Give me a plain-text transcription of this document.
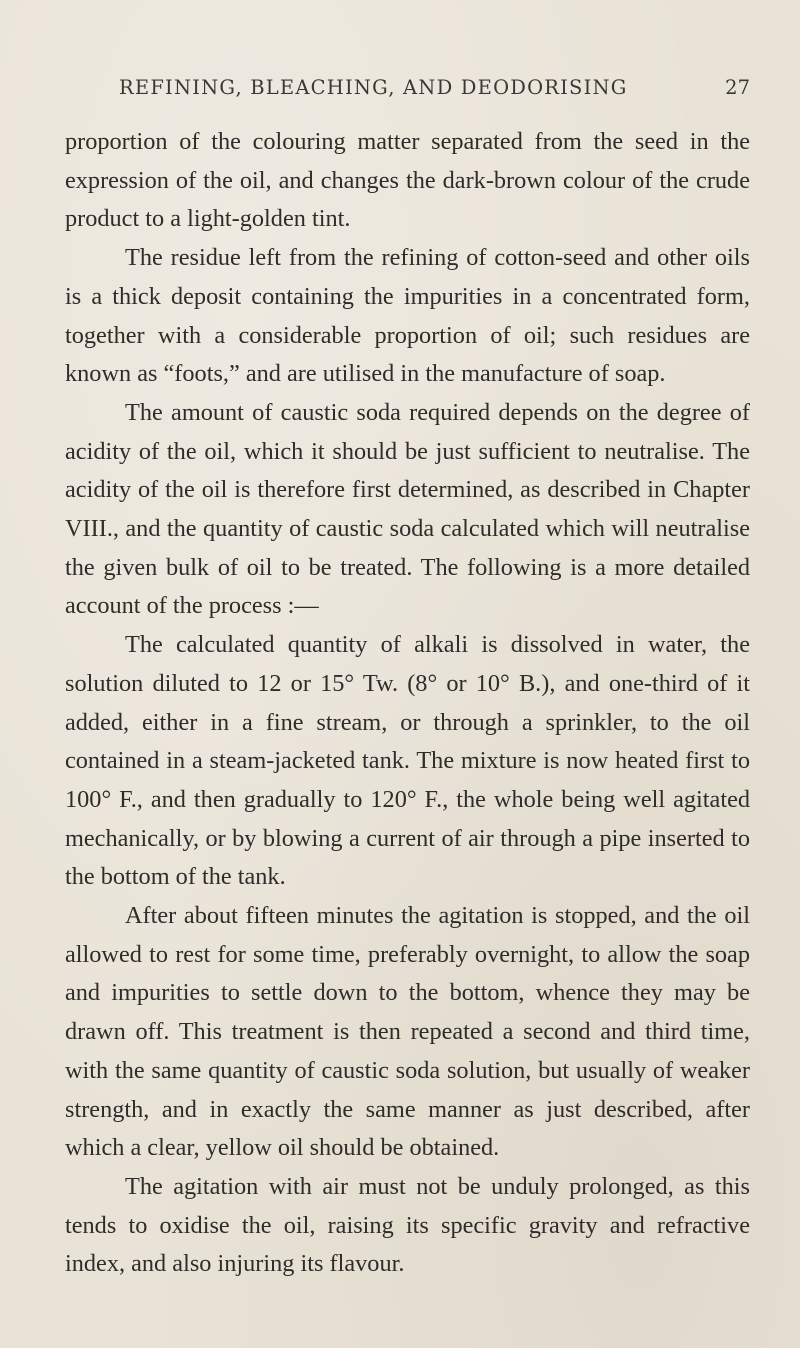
REFINING, BLEACHING, AND DEODORISING	27

proportion of the colouring matter separated from the seed in the expression of the oil, and changes the dark-brown colour of the crude product to a light-golden tint.

The residue left from the refining of cotton-seed and other oils is a thick deposit containing the impurities in a concentrated form, together with a considerable proportion of oil; such residues are known as “foots,” and are utilised in the manufacture of soap.

The amount of caustic soda required depends on the degree of acidity of the oil, which it should be just sufficient to neutralise. The acidity of the oil is therefore first determined, as described in Chapter VIII., and the quantity of caustic soda calculated which will neutralise the given bulk of oil to be treated. The following is a more detailed account of the process :—

The calculated quantity of alkali is dissolved in water, the solution diluted to 12 or 15° Tw. (8° or 10° B.), and one-third of it added, either in a fine stream, or through a sprinkler, to the oil contained in a steam-jacketed tank. The mixture is now heated first to 100° F., and then gradually to 120° F., the whole being well agitated mechanically, or by blowing a current of air through a pipe inserted to the bottom of the tank.

After about fifteen minutes the agitation is stopped, and the oil allowed to rest for some time, preferably overnight, to allow the soap and impurities to settle down to the bottom, whence they may be drawn off. This treatment is then repeated a second and third time, with the same quantity of caustic soda solution, but usually of weaker strength, and in exactly the same manner as just described, after which a clear, yellow oil should be obtained.

The agitation with air must not be unduly prolonged, as this tends to oxidise the oil, raising its specific gravity and refractive index, and also injuring its flavour.
